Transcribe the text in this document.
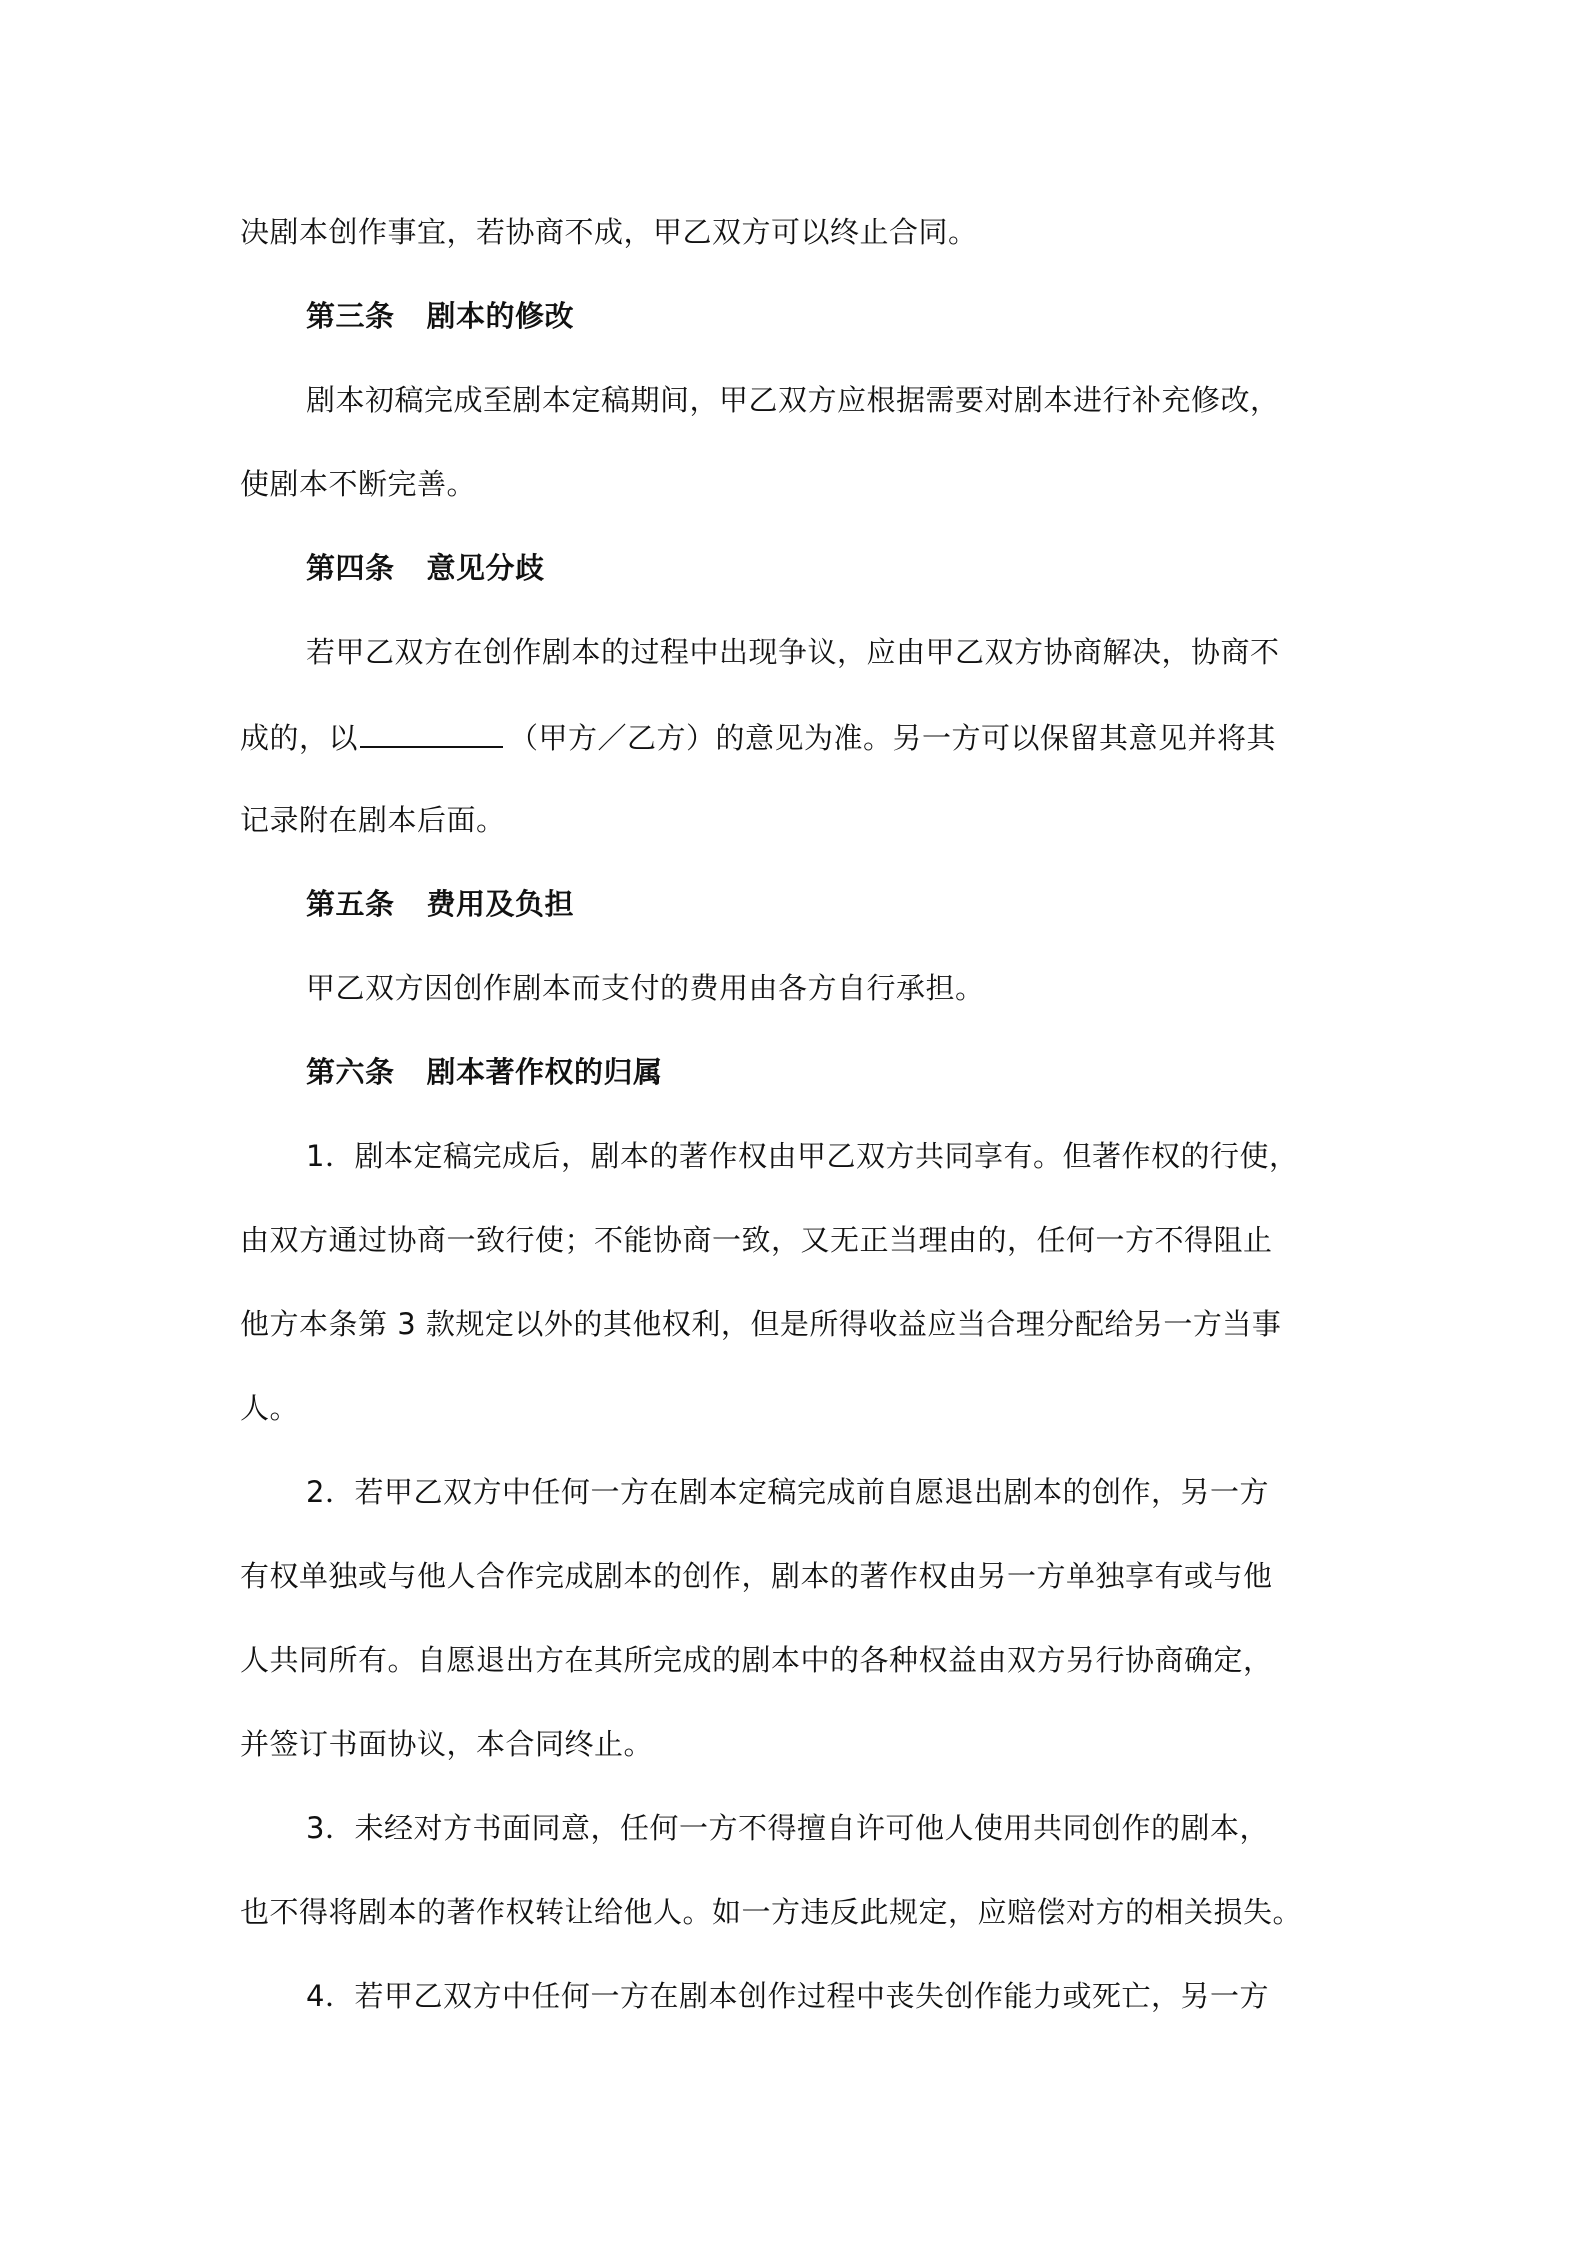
决剧本创作事宜，若协商不成，甲乙双方可以终止合同。
第三条 剧本的修改
剧本初稿完成至剧本定稿期间，甲乙双方应根据需要对剧本进行补充修改，
使剧本不断完善。
第四条 意见分歧
若甲乙双方在创作剧本的过程中出现争议，应由甲乙双方协商解决，协商不
成的，以	（甲方／乙方）的意见为准。另一方可以保留其意见并将其
记录附在剧本后面。
第五条 费用及负担
甲乙双方因创作剧本而支付的费用由各方自行承担。
第六条 剧本著作权的归属
1．剧本定稿完成后，剧本的著作权由甲乙双方共同享有。但著作权的行使，
由双方通过协商一致行使；不能协商一致，又无正当理由的，任何一方不得阻止
他方本条第 3 款规定以外的其他权利，但是所得收益应当合理分配给另一方当事
人。
2．若甲乙双方中任何一方在剧本定稿完成前自愿退出剧本的创作，另一方
有权单独或与他人合作完成剧本的创作，剧本的著作权由另一方单独享有或与他
人共同所有。自愿退出方在其所完成的剧本中的各种权益由双方另行协商确定，
并签订书面协议，本合同终止。
3．未经对方书面同意，任何一方不得擅自许可他人使用共同创作的剧本，
也不得将剧本的著作权转让给他人。如一方违反此规定，应赔偿对方的相关损失。
4．若甲乙双方中任何一方在剧本创作过程中丧失创作能力或死亡，另一方
